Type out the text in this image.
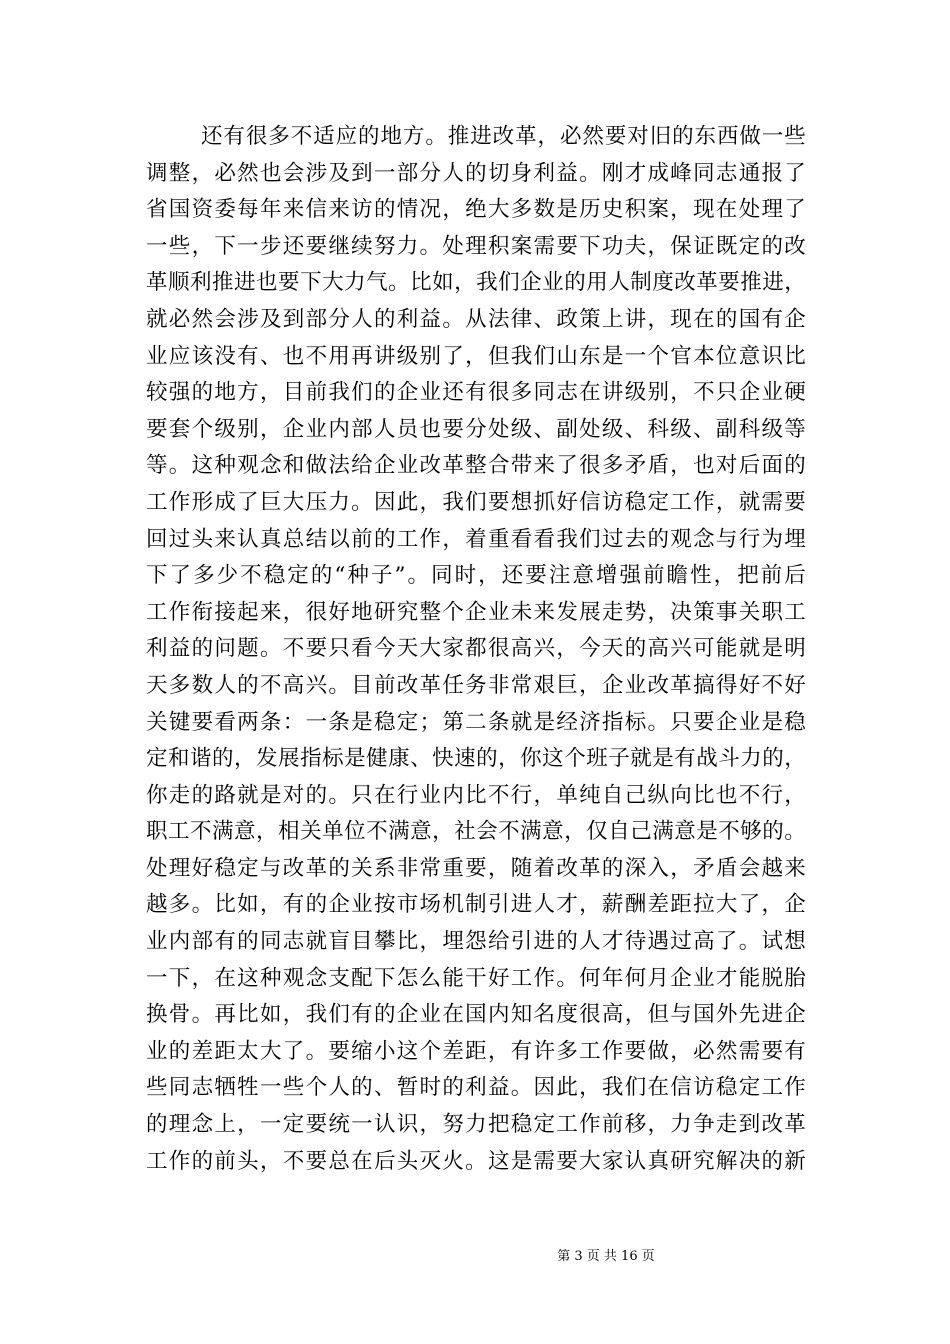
还有很多不适应的地方。推进改革，必然要对旧的东西做一些
调整，必然也会涉及到一部分人的切身利益。刚才成峰同志通报了
省国资委每年来信来访的情况，绝大多数是历史积案，现在处理了
一些，下一步还要继续努力。处理积案需要下功夫，保证既定的改
革顺利推进也要下大力气。比如，我们企业的用人制度改革要推进，
就必然会涉及到部分人的利益。从法律、政策上讲，现在的国有企
业应该没有、也不用再讲级别了，但我们山东是一个官本位意识比
较强的地方，目前我们的企业还有很多同志在讲级别，不只企业硬
要套个级别，企业内部人员也要分处级、副处级、科级、副科级等
等。这种观念和做法给企业改革整合带来了很多矛盾，也对后面的
工作形成了巨大压力。因此，我们要想抓好信访稳定工作，就需要
回过头来认真总结以前的工作，着重看看我们过去的观念与行为埋
下了多少不稳定的“种子”。同时，还要注意增强前瞻性，把前后
工作衔接起来，很好地研究整个企业未来发展走势，决策事关职工
利益的问题。不要只看今天大家都很高兴，今天的高兴可能就是明
天多数人的不高兴。目前改革任务非常艰巨，企业改革搞得好不好
关键要看两条：一条是稳定；第二条就是经济指标。只要企业是稳
定和谐的，发展指标是健康、快速的，你这个班子就是有战斗力的，
你走的路就是对的。只在行业内比不行，单纯自己纵向比也不行，
职工不满意，相关单位不满意，社会不满意，仅自己满意是不够的。
处理好稳定与改革的关系非常重要，随着改革的深入，矛盾会越来
越多。比如，有的企业按市场机制引进人才，薪酬差距拉大了，企
业内部有的同志就盲目攀比，埋怨给引进的人才待遇过高了。试想
一下，在这种观念支配下怎么能干好工作。何年何月企业才能脱胎
换骨。再比如，我们有的企业在国内知名度很高，但与国外先进企
业的差距太大了。要缩小这个差距，有许多工作要做，必然需要有
些同志牺牲一些个人的、暂时的利益。因此，我们在信访稳定工作
的理念上，一定要统一认识，努力把稳定工作前移，力争走到改革
工作的前头，不要总在后头灭火。这是需要大家认真研究解决的新
第 3 页 共 16 页
